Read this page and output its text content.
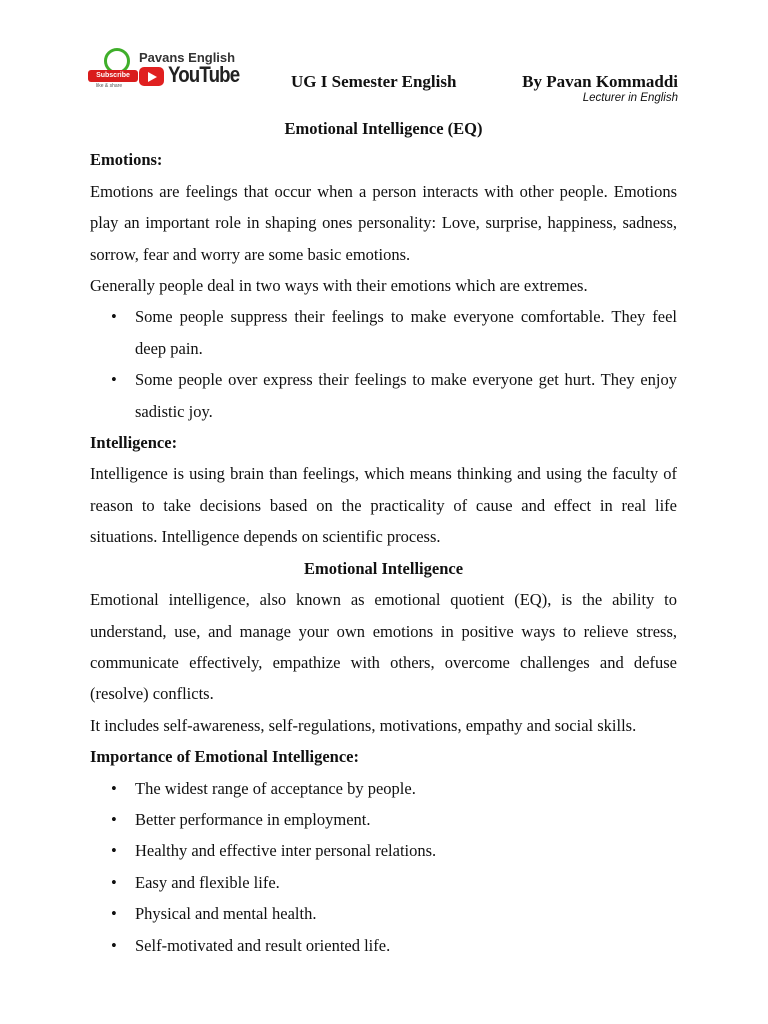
Pavans English
Subscribe
like & share YouTube	UG I Semester English	By Pavan Kommaddi
Lecturer in English
Emotional Intelligence (EQ)
Emotions:

Emotions are feelings that occur when a person interacts with other people. Emotions play an important role in shaping ones personality: Love, surprise, happiness, sadness, sorrow, fear and worry are some basic emotions.

Generally people deal in two ways with their emotions which are extremes.

• Some people suppress their feelings to make everyone comfortable. They feel deep pain.
• Some people over express their feelings to make everyone get hurt. They enjoy sadistic joy.
Intelligence:

Intelligence is using brain than feelings, which means thinking and using the faculty of reason to take decisions based on the practicality of cause and effect in real life situations. Intelligence depends on scientific process.

Emotional Intelligence

Emotional intelligence, also known as emotional quotient (EQ), is the ability to understand, use, and manage your own emotions in positive ways to relieve stress, communicate effectively, empathize with others, overcome challenges and defuse (resolve) conflicts.

It includes self-awareness, self-regulations, motivations, empathy and social skills.

Importance of Emotional Intelligence:
• The widest range of acceptance by people.
• Better performance in employment.
• Healthy and effective inter personal relations.
• Easy and flexible life.
• Physical and mental health.
• Self-motivated and result oriented life.
